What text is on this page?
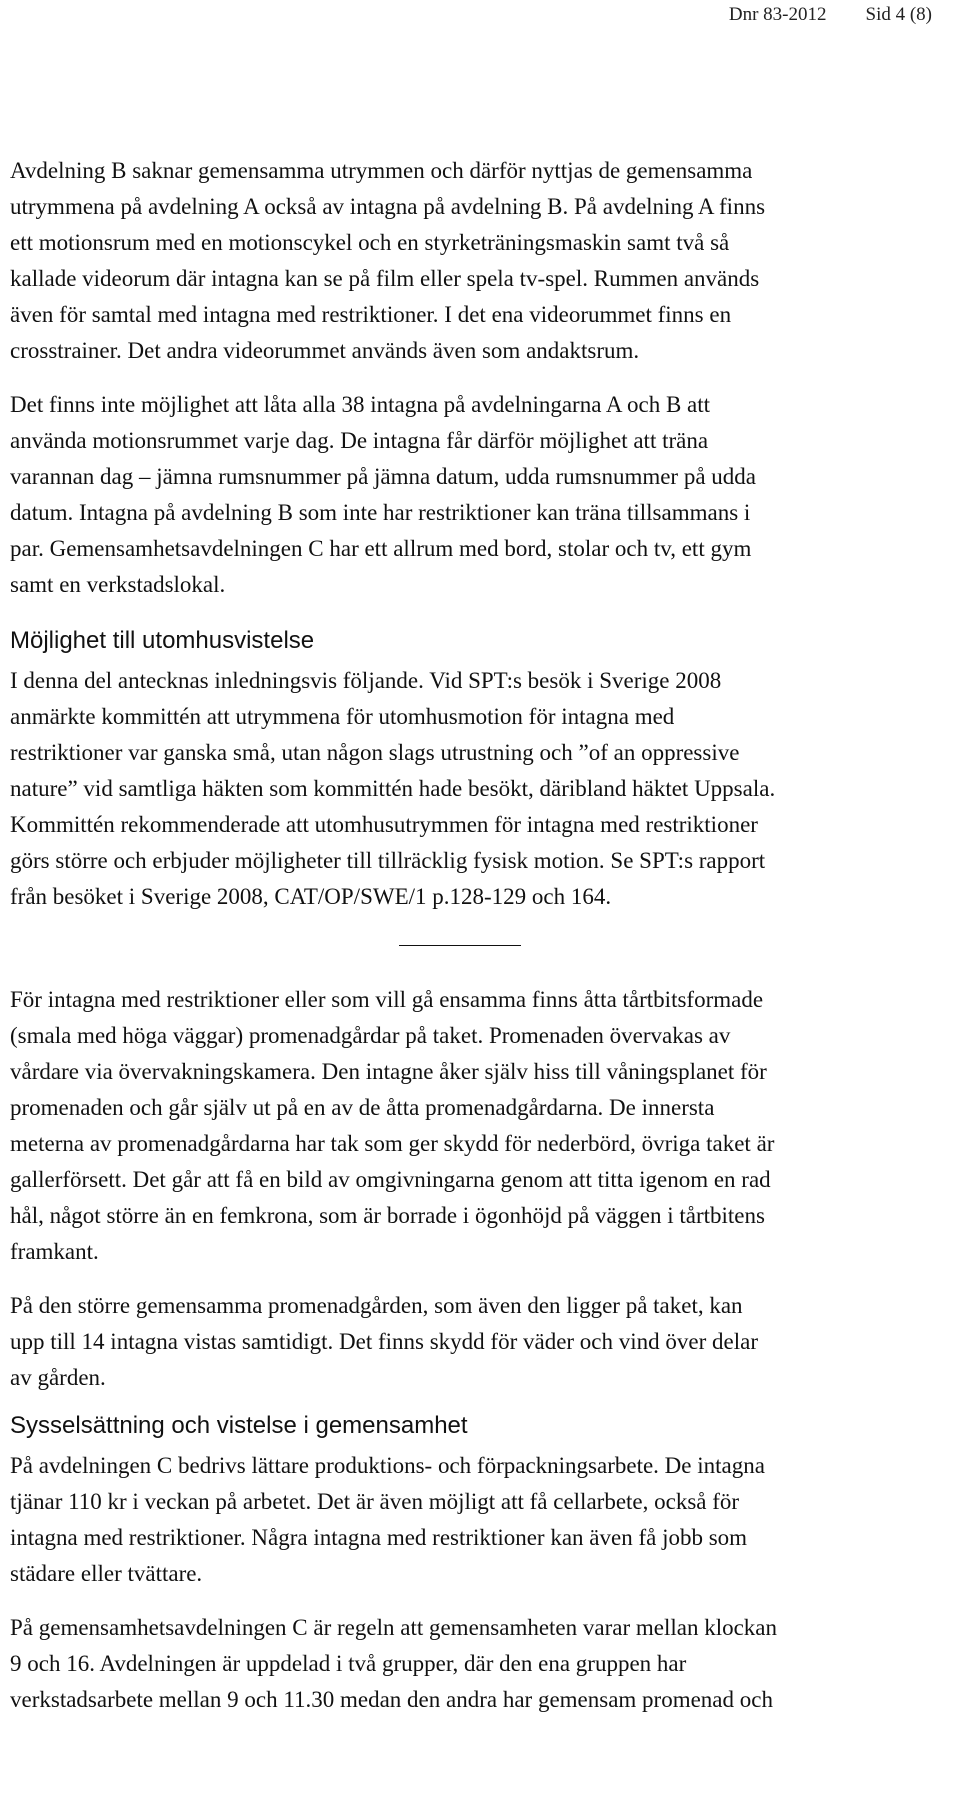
Dnr 83-2012 Sid 4 (8)

Avdelning B saknar gemensamma utrymmen och därför nyttjas de gemensamma
utrymmena på avdelning A också av intagna på avdelning B. På avdelning A finns
ett motionsrum med en motionscykel och en styrketräningsmaskin samt två så
kallade videorum där intagna kan se på film eller spela tv-spel. Rummen används
även för samtal med intagna med restriktioner. I det ena videorummet finns en
crosstrainer. Det andra videorummet används även som andaktsrum.

Det finns inte möjlighet att låta alla 38 intagna på avdelningarna A och B att
använda motionsrummet varje dag. De intagna får därför möjlighet att träna
varannan dag – jämna rumsnummer på jämna datum, udda rumsnummer på udda
datum. Intagna på avdelning B som inte har restriktioner kan träna tillsammans i
par. Gemensamhetsavdelningen C har ett allrum med bord, stolar och tv, ett gym
samt en verkstadslokal.

Möjlighet till utomhusvistelse

I denna del antecknas inledningsvis följande. Vid SPT:s besök i Sverige 2008
anmärkte kommittén att utrymmena för utomhusmotion för intagna med
restriktioner var ganska små, utan någon slags utrustning och ”of an oppressive
nature” vid samtliga häkten som kommittén hade besökt, däribland häktet Uppsala.
Kommittén rekommenderade att utomhusutrymmen för intagna med restriktioner
görs större och erbjuder möjligheter till tillräcklig fysisk motion. Se SPT:s rapport
från besöket i Sverige 2008, CAT/OP/SWE/1 p.128-129 och 164.

För intagna med restriktioner eller som vill gå ensamma finns åtta tårtbitsformade
(smala med höga väggar) promenadgårdar på taket. Promenaden övervakas av
vårdare via övervakningskamera. Den intagne åker själv hiss till våningsplanet för
promenaden och går själv ut på en av de åtta promenadgårdarna. De innersta
meterna av promenadgårdarna har tak som ger skydd för nederbörd, övriga taket är
gallerförsett. Det går att få en bild av omgivningarna genom att titta igenom en rad
hål, något större än en femkrona, som är borrade i ögonhöjd på väggen i tårtbitens
framkant.

På den större gemensamma promenadgården, som även den ligger på taket, kan
upp till 14 intagna vistas samtidigt. Det finns skydd för väder och vind över delar
av gården.

Sysselsättning och vistelse i gemensamhet

På avdelningen C bedrivs lättare produktions- och förpackningsarbete. De intagna
tjänar 110 kr i veckan på arbetet. Det är även möjligt att få cellarbete, också för
intagna med restriktioner. Några intagna med restriktioner kan även få jobb som
städare eller tvättare.

På gemensamhetsavdelningen C är regeln att gemensamheten varar mellan klockan
9 och 16. Avdelningen är uppdelad i två grupper, där den ena gruppen har
verkstadsarbete mellan 9 och 11.30 medan den andra har gemensam promenad och
